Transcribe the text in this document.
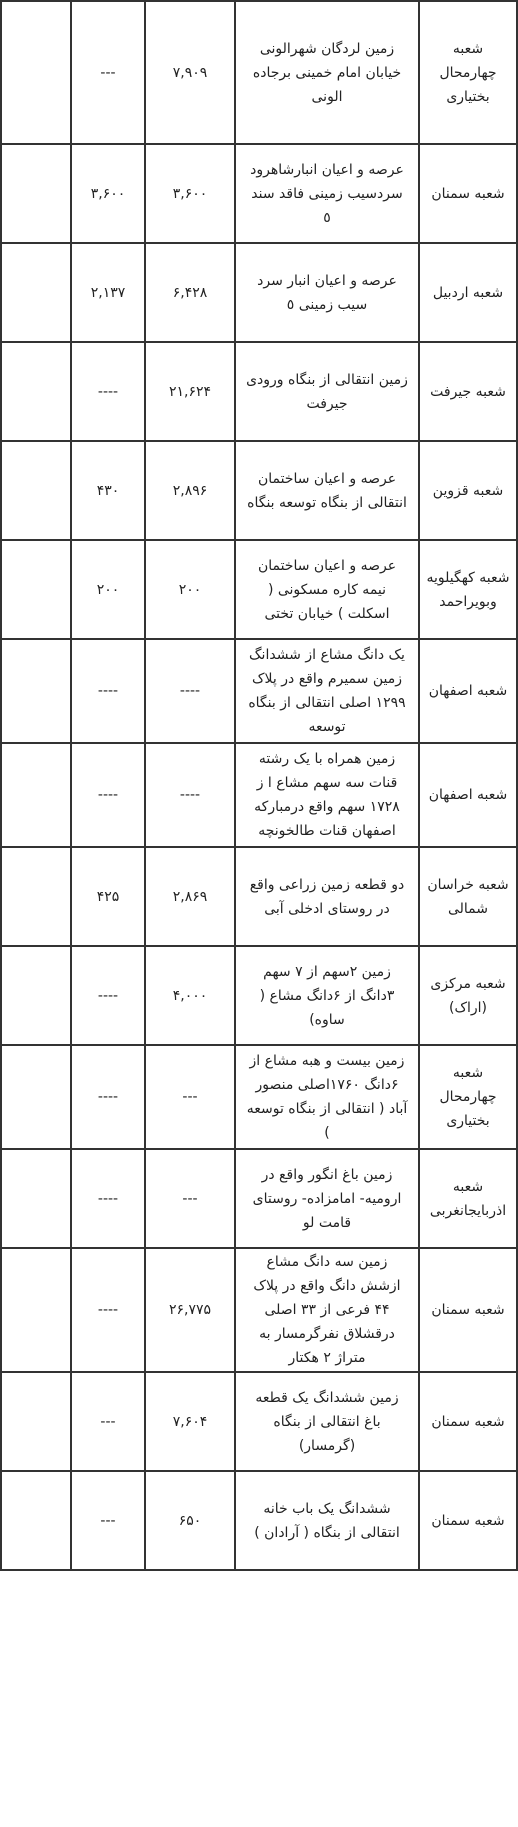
شعبه چهارمحال بختیاری	زمین لردگان شهرالونی خیابان امام خمینی برجاده الونی	۷,۹۰۹	---	
شعبه سمنان	عرصه و اعیان انبارشاهرود سردسیب زمینی فاقد سند ٥	۳,۶۰۰	۳,۶۰۰	
شعبه اردبیل	عرصه و اعیان انبار سرد سیب زمینی ٥	۶,۴۲۸	۲,۱۳۷	
شعبه جیرفت	زمین انتقالی از بنگاه ورودی جیرفت	۲۱,۶۲۴	----	
شعبه قزوین	عرصه و اعیان ساختمان انتقالی از بنگاه توسعه بنگاه	۲,۸۹۶	۴۳۰	
شعبه کهگیلویه وبویراحمد	عرصه و اعیان ساختمان نیمه کاره مسکونی ( اسکلت ) خیابان تختی	۲۰۰	۲۰۰	
شعبه اصفهان	یک دانگ مشاع از ششدانگ زمین سمیرم واقع در پلاک ۱۲۹۹ اصلی انتقالی از بنگاه توسعه	----	----	
شعبه اصفهان	زمین همراه با یک رشته قنات سه سهم مشاع ا ز ۱۷۲۸ سهم واقع درمبارکه اصفهان قنات طالخونچه	----	----	
شعبه خراسان شمالی	دو قطعه زمین زراعی واقع در روستای ادخلی آبی	۲,۸۶۹	۴۲۵	
شعبه مرکزی (اراک)	زمین ۲سهم از ۷ سهم ۳دانگ از ۶دانگ مشاع ( ساوه)	۴,۰۰۰	----	
شعبه چهارمحال بختیاری	زمین بیست و هبه مشاع از ۶دانگ ۱۷۶۰اصلی منصور آباد ( انتقالی از بنگاه توسعه )	---	----	
شعبه اذربایجانغربی	زمین باغ انگور واقع در ارومیه- امامزاده- روستای قامت لو	---	----	
شعبه سمنان	زمین سه دانگ مشاع ازشش دانگ واقع در پلاک ۴۴ فرعی از ۳۳ اصلی درقشلاق نفرگرمسار به متراژ ۲ هکتار	۲۶,۷۷۵	----	
شعبه سمنان	زمین ششدانگ یک قطعه باغ انتقالی از بنگاه (گرمسار)	۷,۶۰۴	---	
شعبه سمنان	ششدانگ یک باب خانه انتقالی از بنگاه ( آرادان )	۶۵۰	---	
